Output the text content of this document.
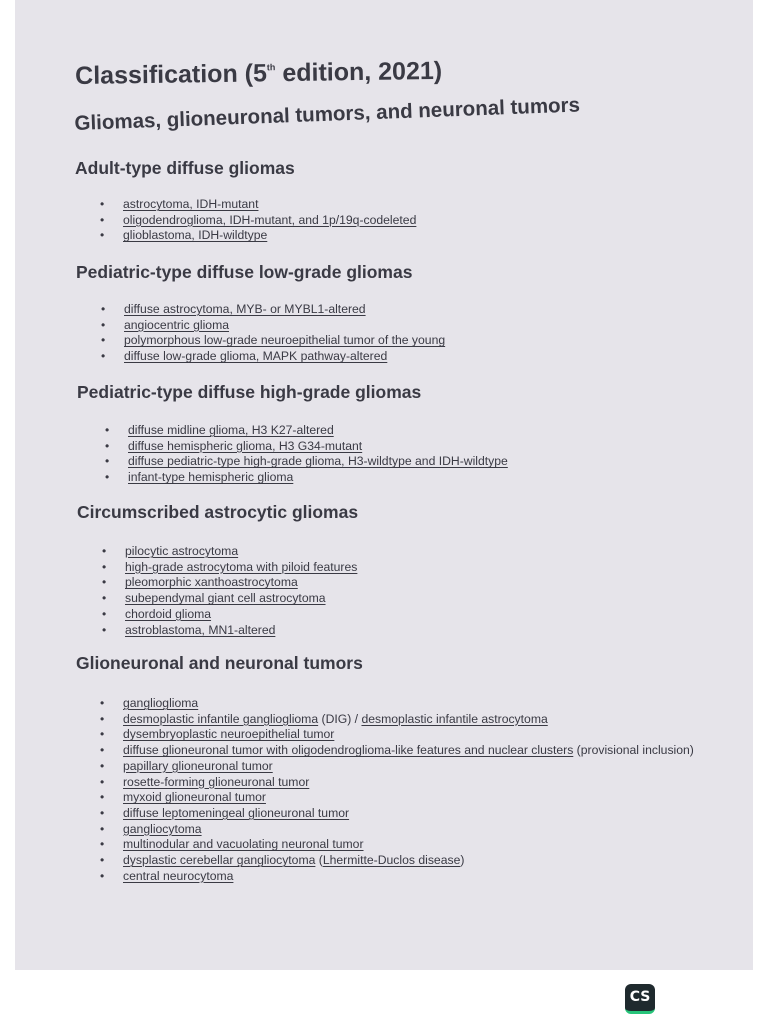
Classification (5th edition, 2021)
Gliomas, glioneuronal tumors, and neuronal tumors
Adult-type diffuse gliomas
• astrocytoma, IDH-mutant
• oligodendroglioma, IDH-mutant, and 1p/19q-codeleted
• glioblastoma, IDH-wildtype
Pediatric-type diffuse low-grade gliomas
• diffuse astrocytoma, MYB- or MYBL1-altered
• angiocentric glioma
• polymorphous low-grade neuroepithelial tumor of the young
• diffuse low-grade glioma, MAPK pathway-altered
Pediatric-type diffuse high-grade gliomas
• diffuse midline glioma, H3 K27-altered
• diffuse hemispheric glioma, H3 G34-mutant
• diffuse pediatric-type high-grade glioma, H3-wildtype and IDH-wildtype
• infant-type hemispheric glioma
Circumscribed astrocytic gliomas
• pilocytic astrocytoma
• high-grade astrocytoma with piloid features
• pleomorphic xanthoastrocytoma
• subependymal giant cell astrocytoma
• chordoid glioma
• astroblastoma, MN1-altered
Glioneuronal and neuronal tumors
• ganglioglioma
• desmoplastic infantile ganglioglioma (DIG) / desmoplastic infantile astrocytoma
• dysembryoplastic neuroepithelial tumor
• diffuse glioneuronal tumor with oligodendroglioma-like features and nuclear clusters (provisional inclusion)
• papillary glioneuronal tumor
• rosette-forming glioneuronal tumor
• myxoid glioneuronal tumor
• diffuse leptomeningeal glioneuronal tumor
• gangliocytoma
• multinodular and vacuolating neuronal tumor
• dysplastic cerebellar gangliocytoma (Lhermitte-Duclos disease)
• central neurocytoma
CS
